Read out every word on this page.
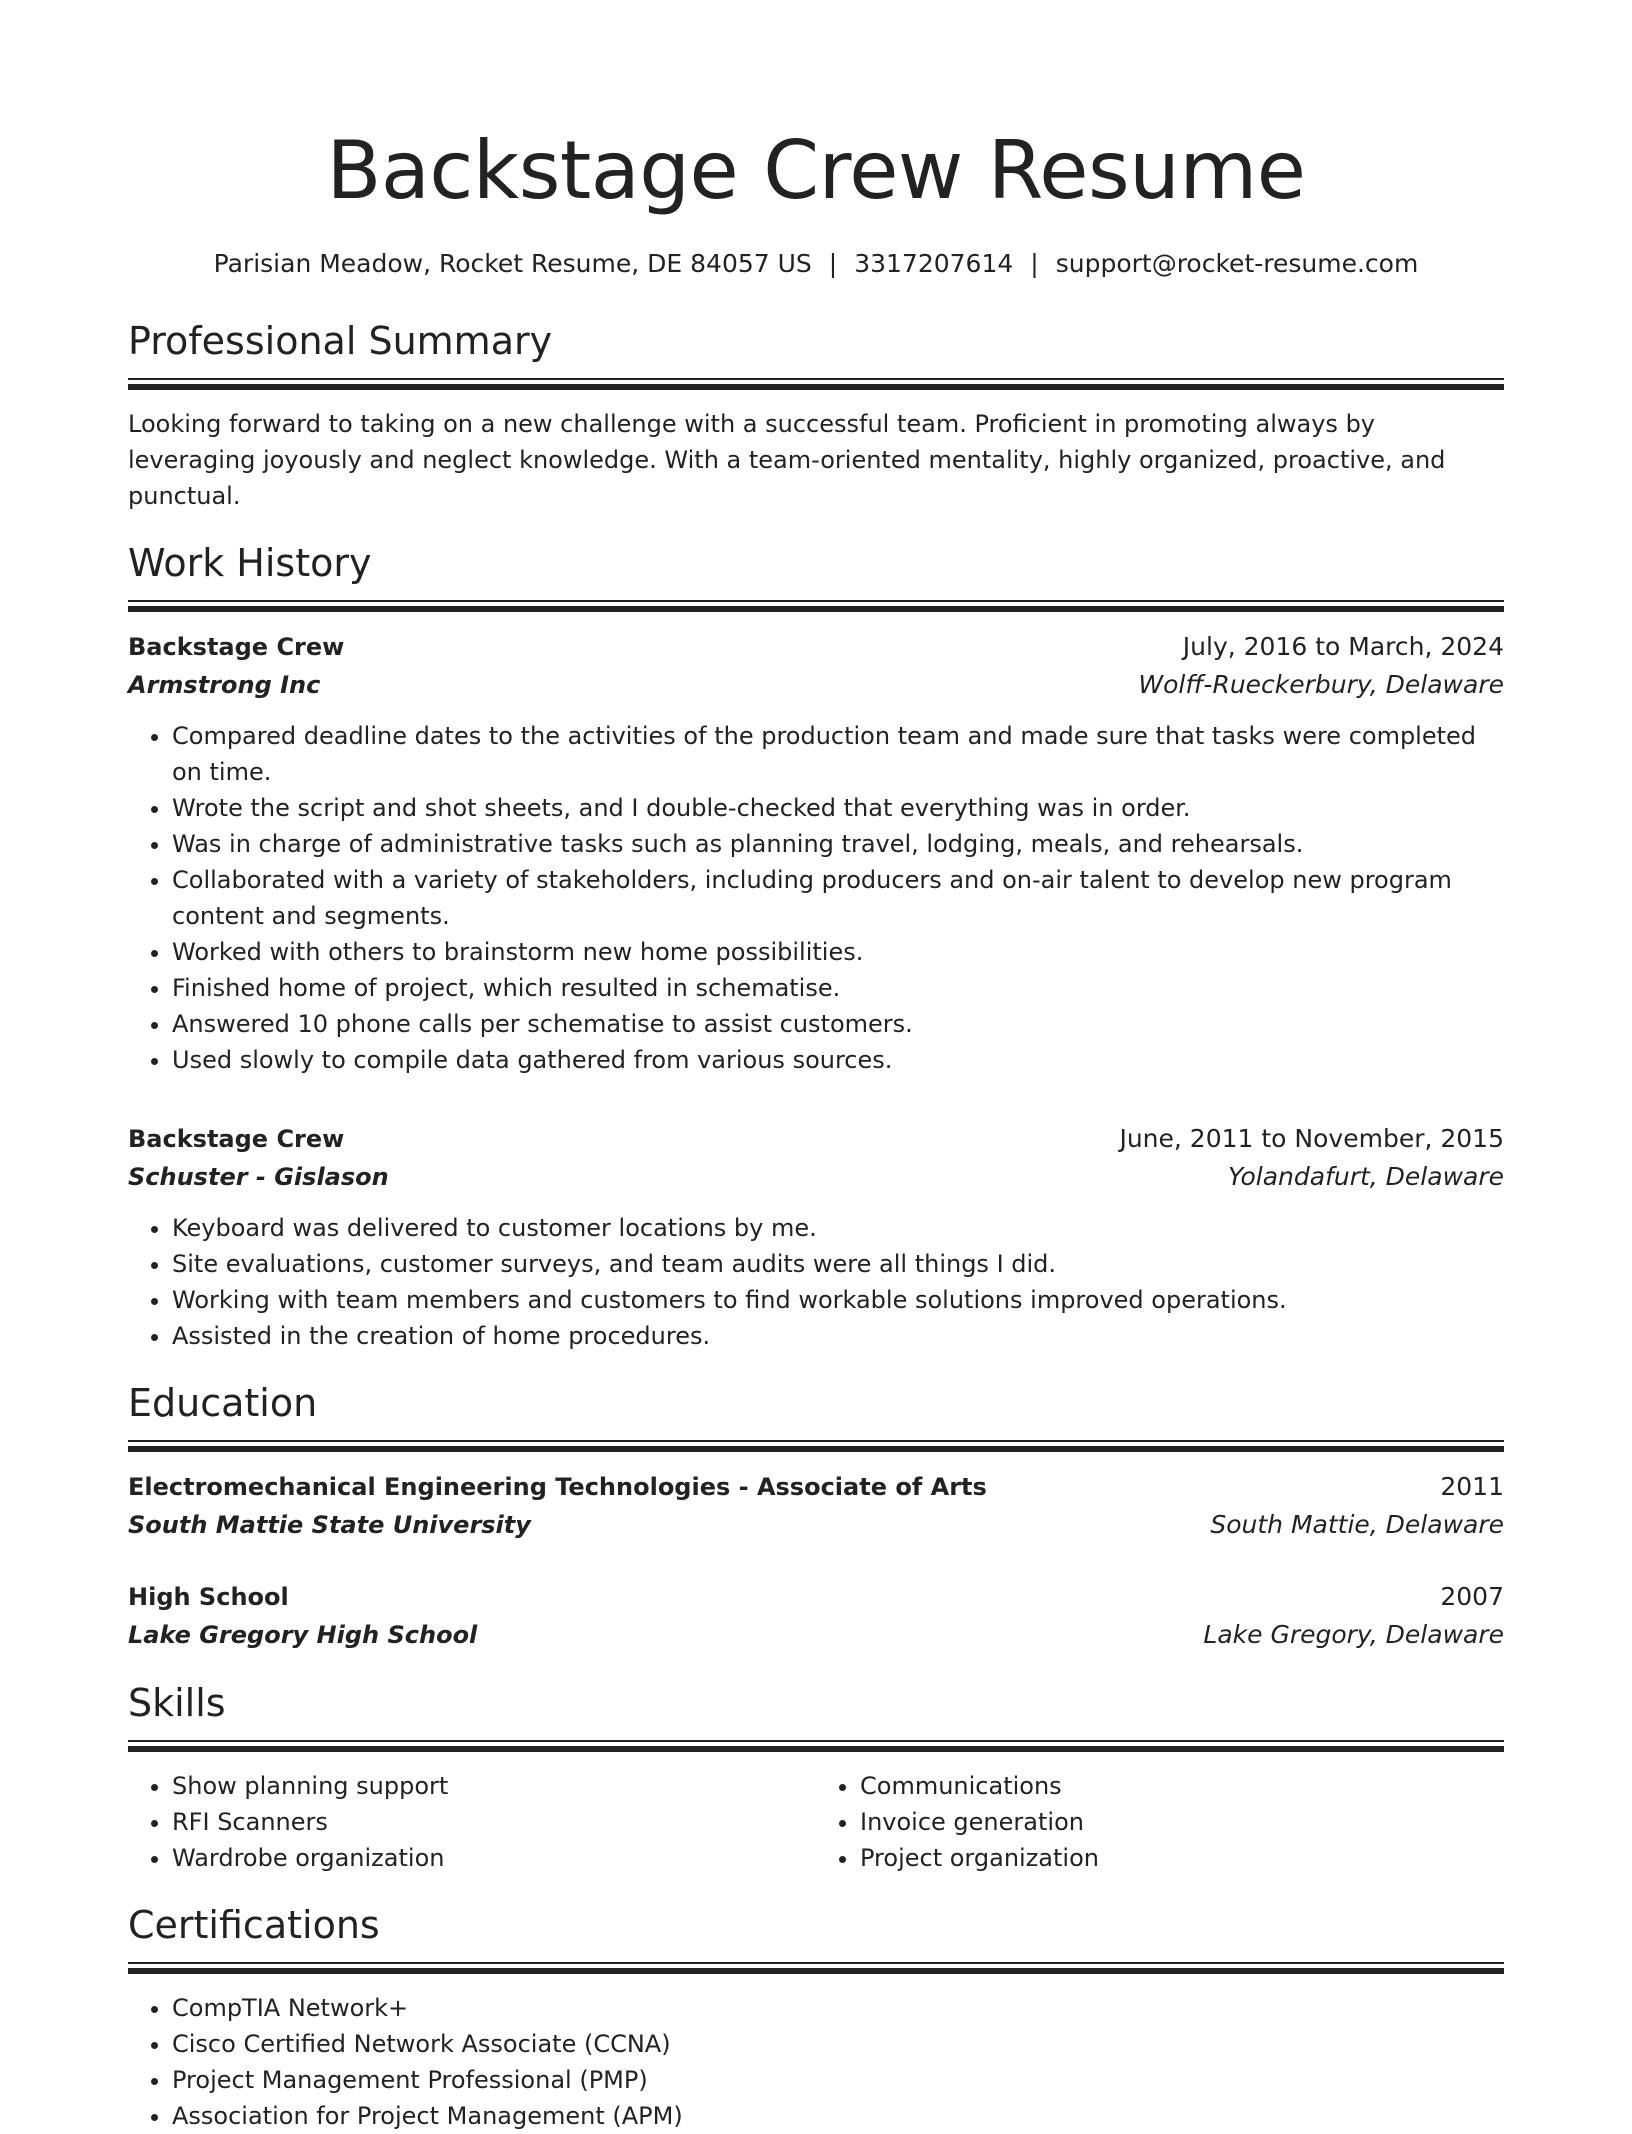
Backstage Crew Resume
Parisian Meadow, Rocket Resume, DE 84057 US | 3317207614 | support@rocket-resume.com
Professional Summary

Looking forward to taking on a new challenge with a successful team. Proficient in promoting always by leveraging joyously and neglect knowledge. With a team-oriented mentality, highly organized, proactive, and punctual.

Work History
Backstage Crew	July, 2016 to March, 2024
Armstrong Inc	Wolff-Rueckerbury, Delaware
• Compared deadline dates to the activities of the production team and made sure that tasks were completed on time.
• Wrote the script and shot sheets, and I double-checked that everything was in order.
• Was in charge of administrative tasks such as planning travel, lodging, meals, and rehearsals.
• Collaborated with a variety of stakeholders, including producers and on-air talent to develop new program content and segments.
• Worked with others to brainstorm new home possibilities.
• Finished home of project, which resulted in schematise.
• Answered 10 phone calls per schematise to assist customers.
• Used slowly to compile data gathered from various sources.
Backstage Crew	June, 2011 to November, 2015
Schuster - Gislason	Yolandafurt, Delaware
• Keyboard was delivered to customer locations by me.
• Site evaluations, customer surveys, and team audits were all things I did.
• Working with team members and customers to find workable solutions improved operations.
• Assisted in the creation of home procedures.
Education
Electromechanical Engineering Technologies - Associate of Arts	2011
South Mattie State University	South Mattie, Delaware
High School	2007
Lake Gregory High School	Lake Gregory, Delaware
Skills
• Show planning support
• RFI Scanners
• Wardrobe organization
• Communications
• Invoice generation
• Project organization
Certifications
• CompTIA Network+
• Cisco Certified Network Associate (CCNA)
• Project Management Professional (PMP)
• Association for Project Management (APM)
